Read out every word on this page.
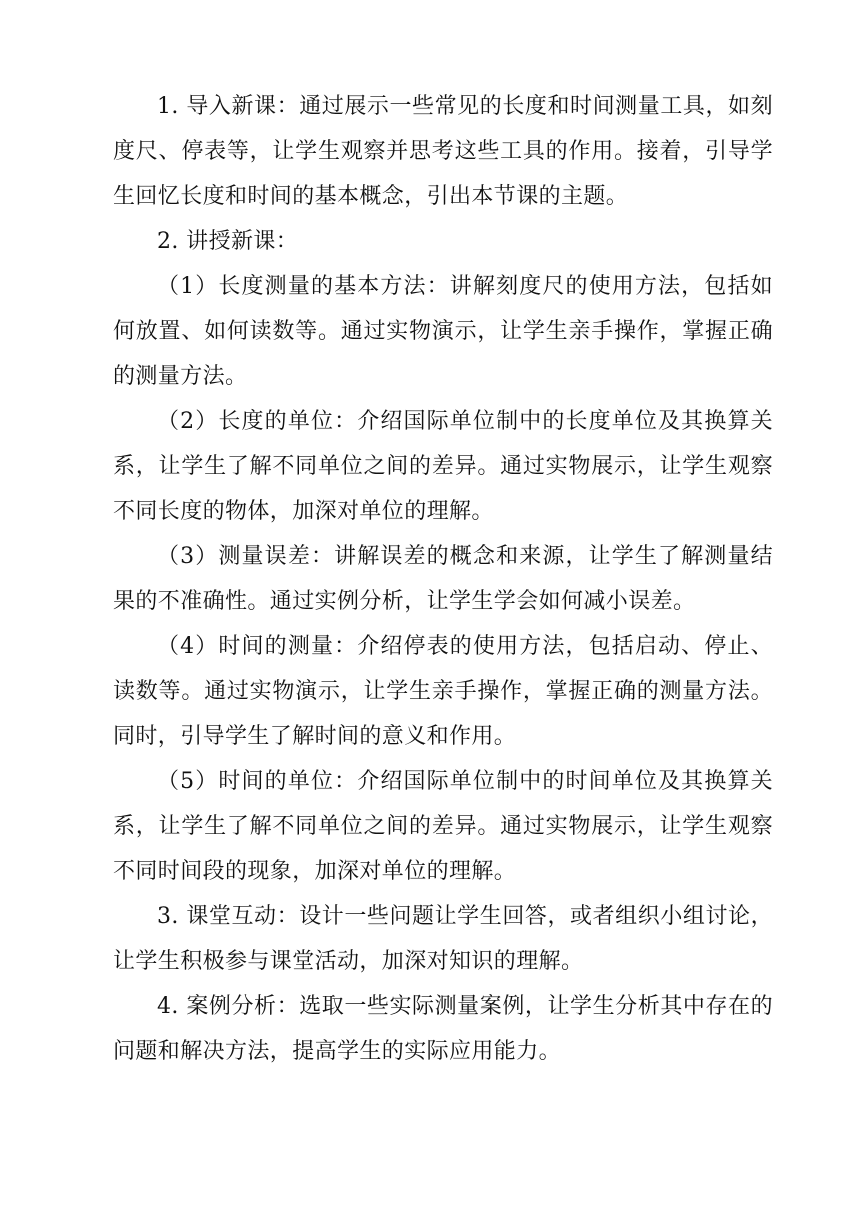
1. 导入新课：通过展示一些常见的长度和时间测量工具，如刻度尺、停表等，让学生观察并思考这些工具的作用。接着，引导学生回忆长度和时间的基本概念，引出本节课的主题。

2. 讲授新课：

（1）长度测量的基本方法：讲解刻度尺的使用方法，包括如何放置、如何读数等。通过实物演示，让学生亲手操作，掌握正确的测量方法。

（2）长度的单位：介绍国际单位制中的长度单位及其换算关系，让学生了解不同单位之间的差异。通过实物展示，让学生观察不同长度的物体，加深对单位的理解。

（3）测量误差：讲解误差的概念和来源，让学生了解测量结果的不准确性。通过实例分析，让学生学会如何减小误差。

（4）时间的测量：介绍停表的使用方法，包括启动、停止、读数等。通过实物演示，让学生亲手操作，掌握正确的测量方法。同时，引导学生了解时间的意义和作用。

（5）时间的单位：介绍国际单位制中的时间单位及其换算关系，让学生了解不同单位之间的差异。通过实物展示，让学生观察不同时间段的现象，加深对单位的理解。

3. 课堂互动：设计一些问题让学生回答，或者组织小组讨论，让学生积极参与课堂活动，加深对知识的理解。

4. 案例分析：选取一些实际测量案例，让学生分析其中存在的问题和解决方法，提高学生的实际应用能力。
